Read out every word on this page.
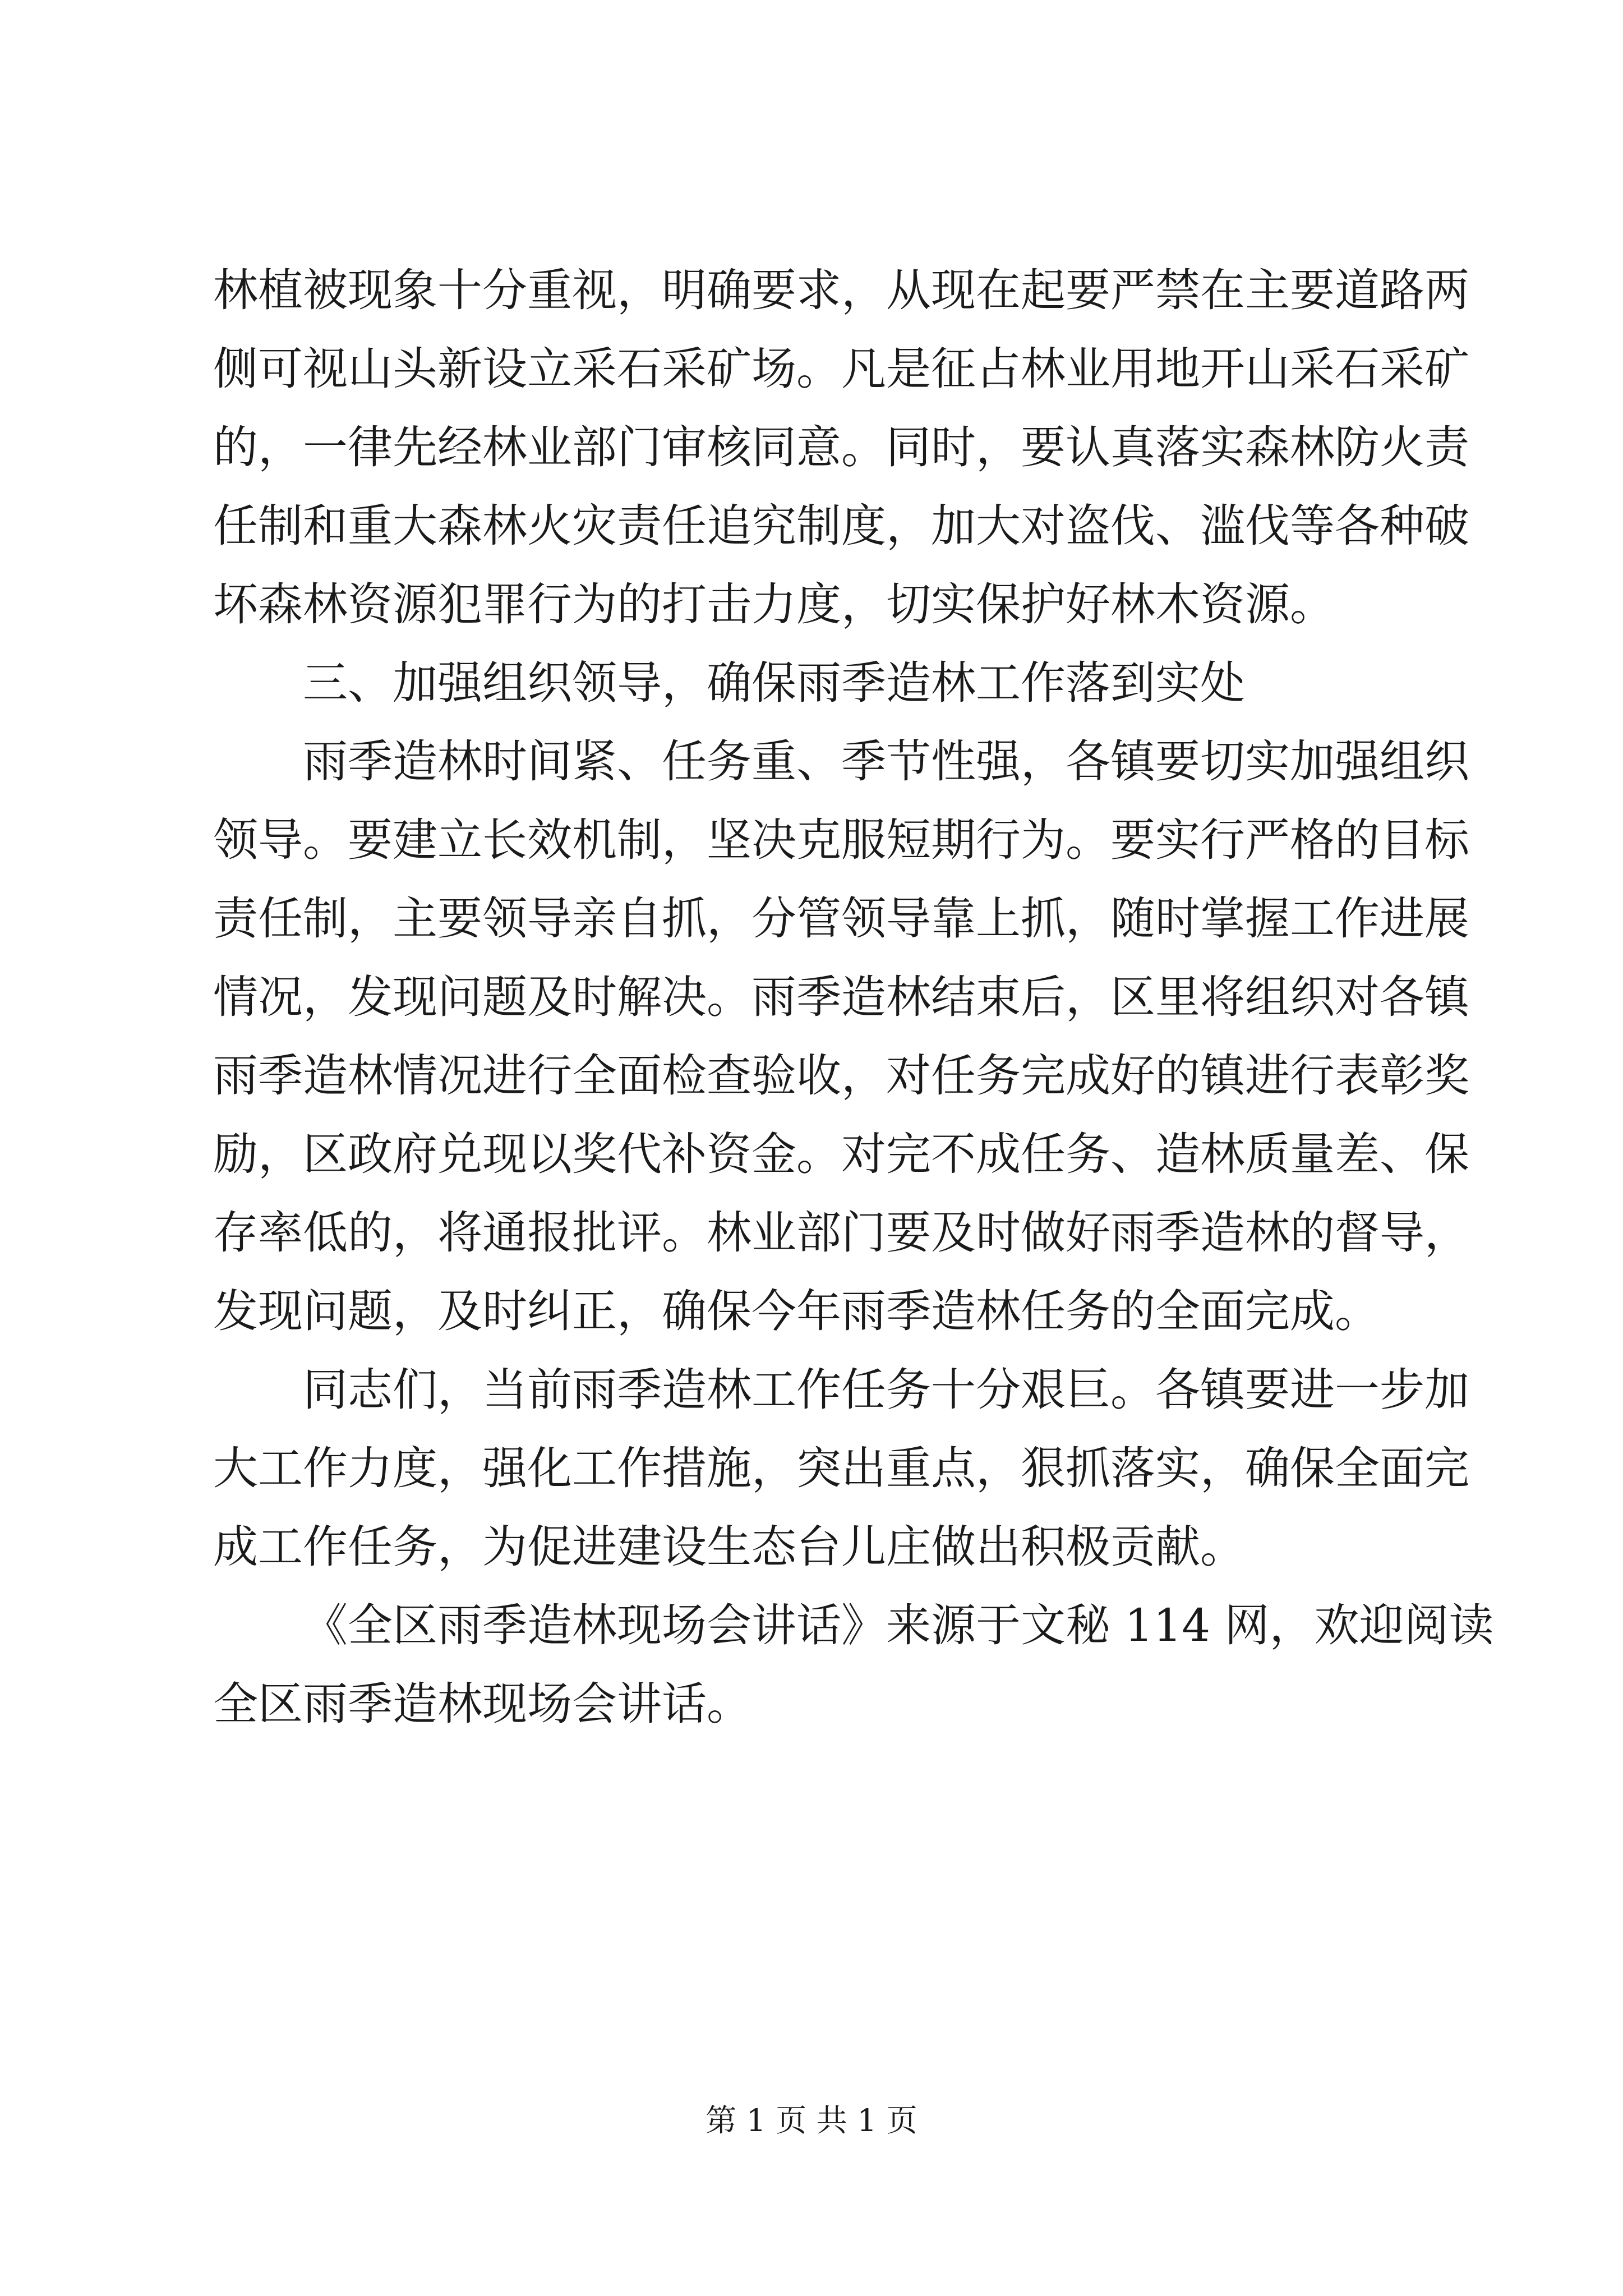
林植被现象十分重视，明确要求，从现在起要严禁在主要道路两
侧可视山头新设立采石采矿场。凡是征占林业用地开山采石采矿
的，一律先经林业部门审核同意。同时，要认真落实森林防火责
任制和重大森林火灾责任追究制度，加大对盗伐、滥伐等各种破
坏森林资源犯罪行为的打击力度，切实保护好林木资源。
三、加强组织领导，确保雨季造林工作落到实处
雨季造林时间紧、任务重、季节性强，各镇要切实加强组织
领导。要建立长效机制，坚决克服短期行为。要实行严格的目标
责任制，主要领导亲自抓，分管领导靠上抓，随时掌握工作进展
情况，发现问题及时解决。雨季造林结束后，区里将组织对各镇
雨季造林情况进行全面检查验收，对任务完成好的镇进行表彰奖
励，区政府兑现以奖代补资金。对完不成任务、造林质量差、保
存率低的，将通报批评。林业部门要及时做好雨季造林的督导，
发现问题，及时纠正，确保今年雨季造林任务的全面完成。
同志们，当前雨季造林工作任务十分艰巨。各镇要进一步加
大工作力度，强化工作措施，突出重点，狠抓落实，确保全面完
成工作任务，为促进建设生态台儿庄做出积极贡献。
《全区雨季造林现场会讲话》来源于文秘 114 网，欢迎阅读
全区雨季造林现场会讲话。
第 1 页 共 1 页
